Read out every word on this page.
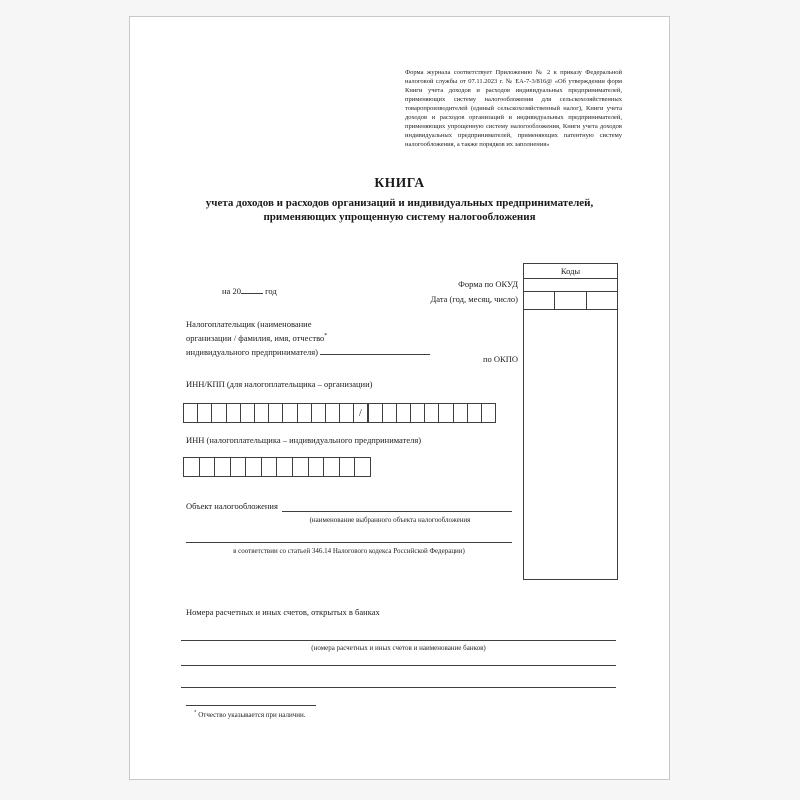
Форма журнала соответствует Приложению № 2 к приказу Федеральной налоговой службы от 07.11.2023 г. № ЕА-7-3/816@ «Об утверждении форм Книги учета доходов и расходов индивидуальных предпринимателей, применяющих систему налогообложения для сельскохозяйственных товаропроизводителей (единый сельскохозяйственный налог), Книги учета доходов и расходов организаций и индивидуальных предпринимателей, применяющих упрощенную систему налогообложения, Книги учета доходов индивидуальных предпринимателей, применяющих патентную систему налогообложения, а также порядков их заполнения»
КНИГА
учета доходов и расходов организаций и индивидуальных предпринимателей,
применяющих упрощенную систему налогообложения
на 20	год
Форма по ОКУД
Дата (год, месяц, число)
по ОКПО
Коды
Налогоплательщик (наименование
организации / фамилия, имя, отчество*
индивидуального предпринимателя)
ИНН/КПП (для налогоплательщика – организации)
/
ИНН (налогоплательщика – индивидуального предпринимателя)
Объект налогообложения
(наименование выбранного объекта налогообложения
в соответствии со статьей 346.14 Налогового кодекса Российской Федерации)
Номера расчетных и иных счетов, открытых в банках
(номера расчетных и иных счетов и наименование банков)
* Отчество указывается при наличии.
